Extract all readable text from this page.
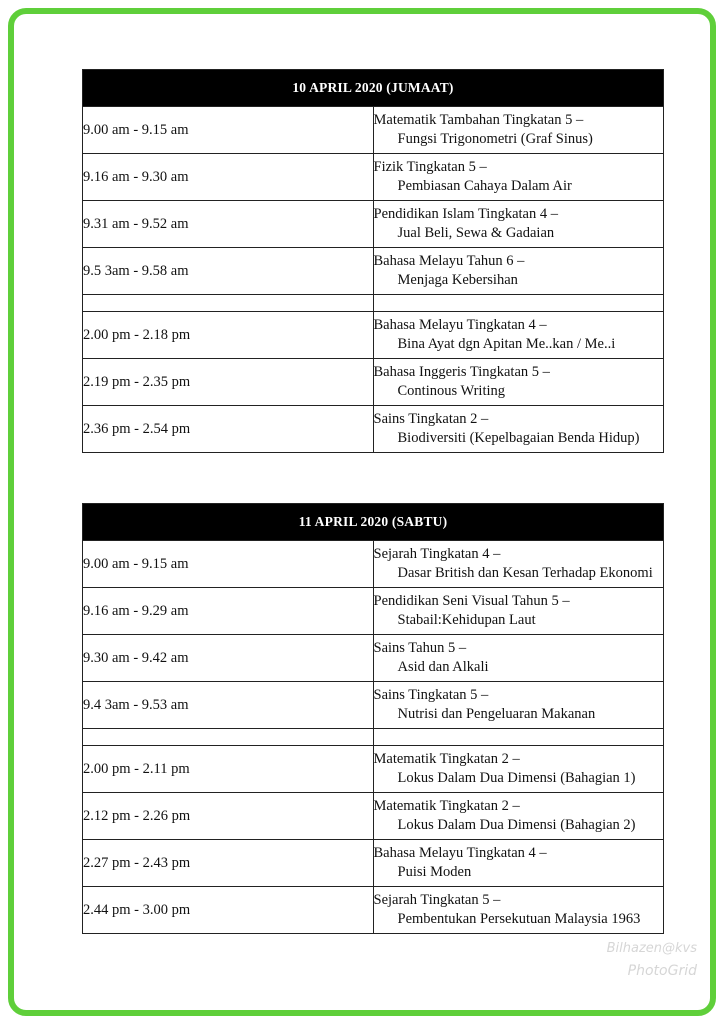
10 APRIL 2020 (JUMAAT)	
9.00 am - 9.15 am	Matematik Tambahan Tingkatan 5 –
Fungsi Trigonometri (Graf Sinus)

9.16 am - 9.30 am	Fizik Tingkatan 5 –
Pembiasan Cahaya Dalam Air

9.31 am - 9.52 am	Pendidikan Islam Tingkatan 4 –
Jual Beli, Sewa & Gadaian

9.5 3am - 9.58 am	Bahasa Melayu Tahun 6 –
Menjaga Kebersihan

2.00 pm - 2.18 pm	Bahasa Melayu Tingkatan 4 –
Bina Ayat dgn Apitan Me..kan / Me..i

2.19 pm - 2.35 pm	Bahasa Inggeris Tingkatan 5 –
Continous Writing

2.36 pm - 2.54 pm	Sains Tingkatan 2 –
Biodiversiti (Kepelbagaian Benda Hidup)
11 APRIL 2020 (SABTU)	
9.00 am - 9.15 am	Sejarah Tingkatan 4 –
Dasar British dan Kesan Terhadap Ekonomi

9.16 am - 9.29 am	Pendidikan Seni Visual Tahun 5 –
Stabail:Kehidupan Laut

9.30 am - 9.42 am	Sains Tahun 5 –
Asid dan Alkali

9.4 3am - 9.53 am	Sains Tingkatan 5 –
Nutrisi dan Pengeluaran Makanan

2.00 pm - 2.11 pm	Matematik Tingkatan 2 –
Lokus Dalam Dua Dimensi (Bahagian 1)

2.12 pm - 2.26 pm	Matematik Tingkatan 2 –
Lokus Dalam Dua Dimensi (Bahagian 2)

2.27 pm - 2.43 pm	Bahasa Melayu Tingkatan 4 –
Puisi Moden

2.44 pm - 3.00 pm	Sejarah Tingkatan 5 –
Pembentukan Persekutuan Malaysia 1963
Bilhazen@kvs
PhotoGrid
